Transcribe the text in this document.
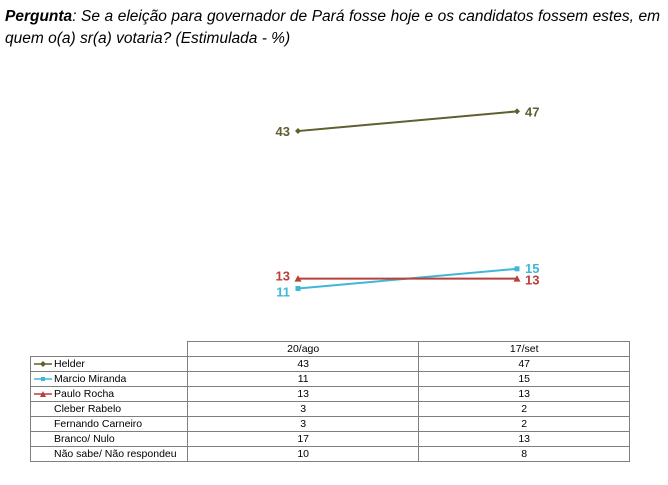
Pergunta: Se a eleição para governador de Pará fosse hoje e os candidatos fossem estes, em quem o(a) sr(a) votaria? (Estimulada - %)
43
47
11
15
13	13
	20/ago	17/set
Helder	43	47
Marcio Miranda	11	15
Paulo Rocha	13	13
Cleber Rabelo	3	2
Fernando Carneiro	3	2
Branco/ Nulo	17	13
Não sabe/ Não respondeu	10	8
